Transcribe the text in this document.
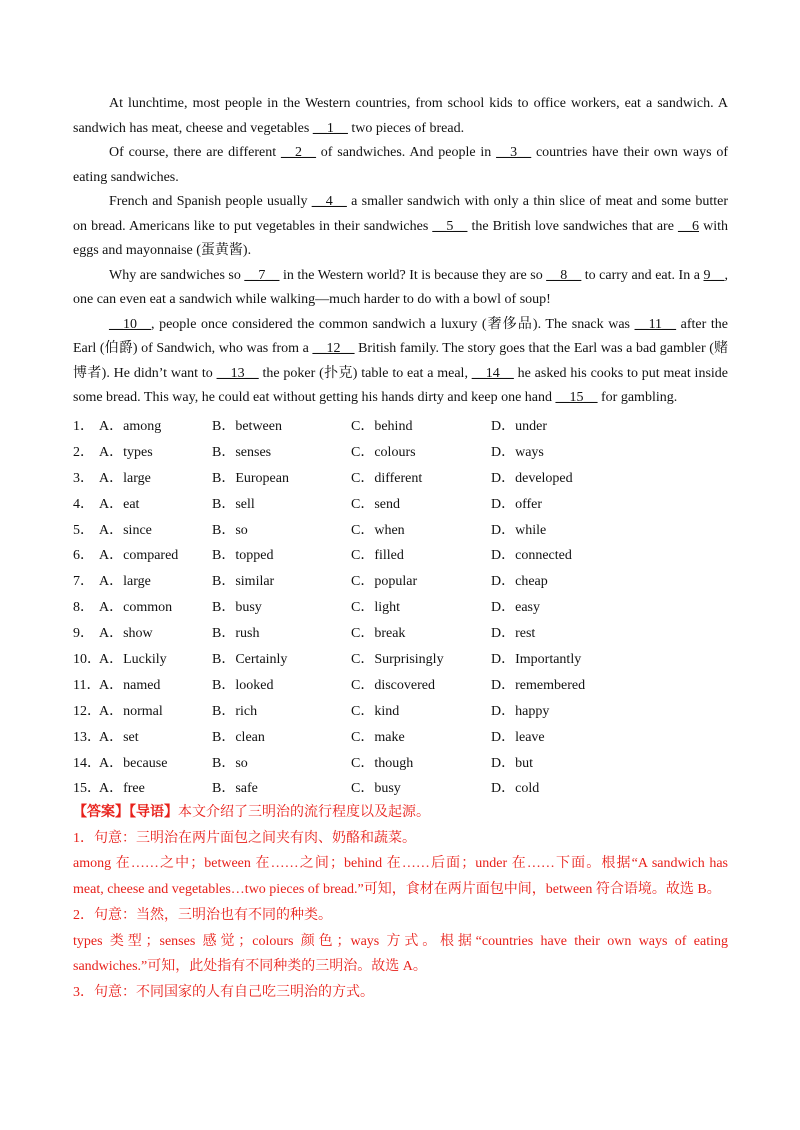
At lunchtime, most people in the Western countries, from school kids to office workers, eat a sandwich. A sandwich has meat, cheese and vegetables __1__ two pieces of bread.

Of course, there are different __2__ of sandwiches. And people in __3__ countries have their own ways of eating sandwiches.

French and Spanish people usually __4__ a smaller sandwich with only a thin slice of meat and some butter on bread. Americans like to put vegetables in their sandwiches __5__ the British love sandwiches that are __6 with eggs and mayonnaise (蛋黄酱).

Why are sandwiches so __7__ in the Western world? It is because they are so __8__ to carry and eat. In a 9__, one can even eat a sandwich while walking—much harder to do with a bowl of soup!

__10__, people once considered the common sandwich a luxury (奢侈品). The snack was __11__ after the Earl (伯爵) of Sandwich, who was from a __12__ British family. The story goes that the Earl was a bad gambler (赌博者). He didn’t want to __13__ the poker (扑克) table to eat a meal, __14__ he asked his cooks to put meat inside some bread. This way, he could eat without getting his hands dirty and keep one hand __15__ for gambling.

1． A．among	B．between	C．behind	D．under
2． A．types	B．senses	C．colours	D．ways
3． A．large	B．European	C．different	D．developed
4． A．eat	B．sell	C．send	D．offer
5． A．since	B．so	C．when	D．while
6． A．compared B．topped	C．filled	D．connected
7． A．large	B．similar	C．popular	D．cheap
8． A．common	B．busy	C．light	D．easy
9． A．show	B．rush	C．break	D．rest
10．
A．Luckily	B．Certainly	C．Surprisingly	D．Importantly
11．
A．named	B．looked	C．discovered	D．remembered
12．
A．normal	B．rich	C．kind	D．happy
13．
A．set	B．clean	C．make	D．leave
14．
A．because	B．so	C．though	D．but
15．
A．free	B．safe	C．busy	D．cold

【答案】【导语】本文介绍了三明治的流行程度以及起源。

1．句意：三明治在两片面包之间夹有肉、奶酪和蔬菜。

among 在……之中；between 在……之间；behind 在……后面；under 在……下面。根据“A sandwich has meat, cheese and vegetables…two pieces of bread.”可知，食材在两片面包中间，between 符合语境。故选 B。

2．句意：当然，三明治也有不同的种类。

types 类型；senses 感觉；colours 颜色；ways 方式。根据“countries have their own ways of eating sandwiches.”可知，此处指有不同种类的三明治。故选 A。

3．句意：不同国家的人有自己吃三明治的方式。
